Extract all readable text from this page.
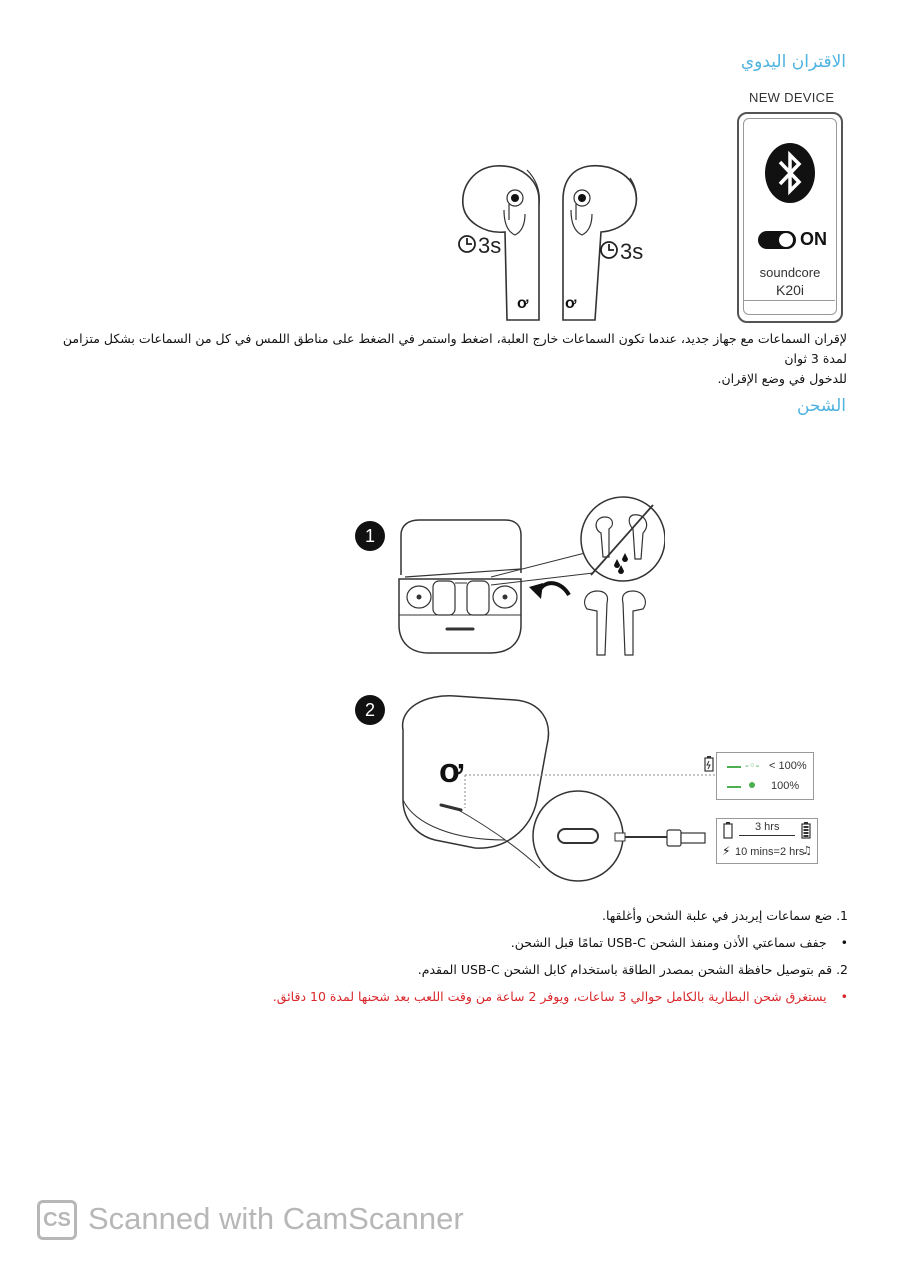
الاقتران اليدوي
NEW DEVICE
ON
soundcore
K20i
ơ ơ
3s	3s
لإقران السماعات مع جهاز جديد، عندما تكون السماعات خارج العلبة، اضغط واستمر في الضغط على مناطق اللمس في كل من السماعات بشكل متزامن لمدة 3 ثوان
للدخول في وضع الإقران.
الشحن
1
2
ơ	-◦- < 100%
100%
3 hrs
⚡ 10 mins=2 hrs
♫
1. ضع سماعات إيربدز في علبة الشحن وأغلقها.
• جفف سماعتي الأذن ومنفذ الشحن USB-C تمامًا قبل الشحن.
2. قم بتوصيل حافظة الشحن بمصدر الطاقة باستخدام كابل الشحن USB-C المقدم.
• يستغرق شحن البطارية بالكامل حوالي 3 ساعات، ويوفر 2 ساعة من وقت اللعب بعد شحنها لمدة 10 دقائق.
CS Scanned with CamScanner
